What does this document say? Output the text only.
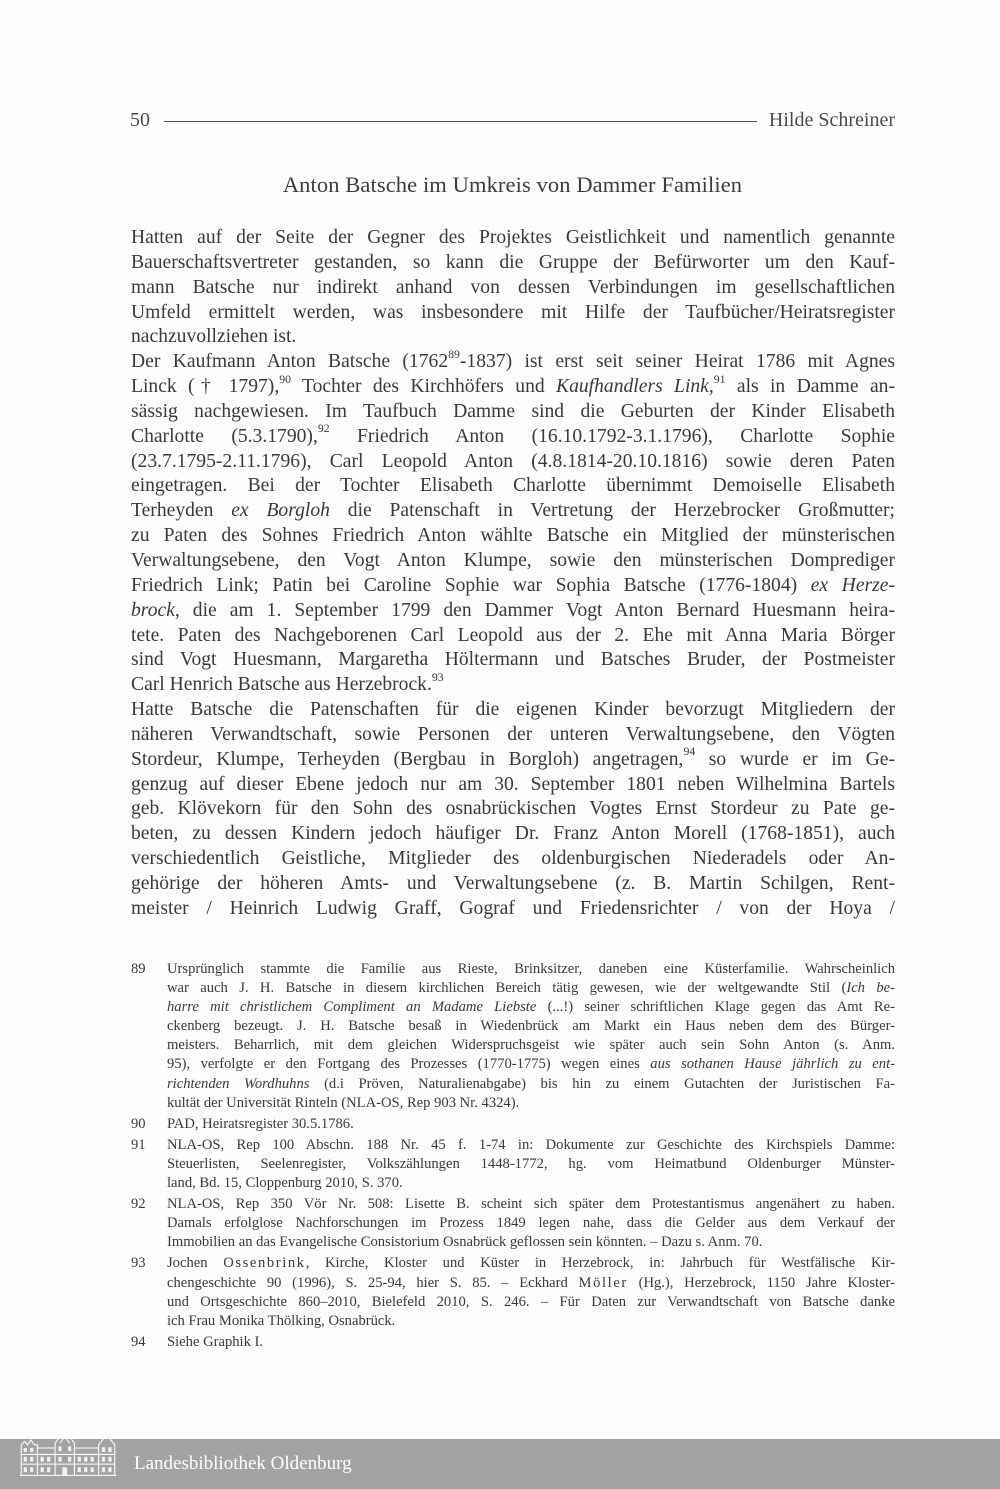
50	Hilde Schreiner
Anton Batsche im Umkreis von Dammer Familien
Hatten auf der Seite der Gegner des Projektes Geistlichkeit und namentlich genannte
Bauerschaftsvertreter gestanden, so kann die Gruppe der Befürworter um den Kauf-
mann Batsche nur indirekt anhand von dessen Verbindungen im gesellschaftlichen
Umfeld ermittelt werden, was insbesondere mit Hilfe der Taufbücher/Heiratsregister
nachzuvollziehen ist.
Der Kaufmann Anton Batsche (1762$^{89}$-1837) ist erst seit seiner Heirat 1786 mit Agnes
Linck († 1797),$^{90}$ Tochter des Kirchhöfers und Kaufhandlers Link,$^{91}$ als in Damme an-
sässig nachgewiesen. Im Taufbuch Damme sind die Geburten der Kinder Elisabeth
Charlotte (5.3.1790),$^{92}$ Friedrich Anton (16.10.1792-3.1.1796), Charlotte Sophie
(23.7.1795-2.11.1796), Carl Leopold Anton (4.8.1814-20.10.1816) sowie deren Paten
eingetragen. Bei der Tochter Elisabeth Charlotte übernimmt Demoiselle Elisabeth
Terheyden ex Borgloh die Patenschaft in Vertretung der Herzebrocker Großmutter;
zu Paten des Sohnes Friedrich Anton wählte Batsche ein Mitglied der münsterischen
Verwaltungsebene, den Vogt Anton Klumpe, sowie den münsterischen Domprediger
Friedrich Link; Patin bei Caroline Sophie war Sophia Batsche (1776-1804) ex Herze-
brock, die am 1. September 1799 den Dammer Vogt Anton Bernard Huesmann heira-
tete. Paten des Nachgeborenen Carl Leopold aus der 2. Ehe mit Anna Maria Börger
sind Vogt Huesmann, Margaretha Höltermann und Batsches Bruder, der Postmeister
Carl Henrich Batsche aus Herzebrock.$^{93}$
Hatte Batsche die Patenschaften für die eigenen Kinder bevorzugt Mitgliedern der
näheren Verwandtschaft, sowie Personen der unteren Verwaltungsebene, den Vögten
Stordeur, Klumpe, Terheyden (Bergbau in Borgloh) angetragen,$^{94}$ so wurde er im Ge-
genzug auf dieser Ebene jedoch nur am 30. September 1801 neben Wilhelmina Bartels
geb. Klövekorn für den Sohn des osnabrückischen Vogtes Ernst Stordeur zu Pate ge-
beten, zu dessen Kindern jedoch häufiger Dr. Franz Anton Morell (1768-1851), auch
verschiedentlich Geistliche, Mitglieder des oldenburgischen Niederadels oder An-
gehörige der höheren Amts- und Verwaltungsebene (z. B. Martin Schilgen, Rent-
meister / Heinrich Ludwig Graff, Gograf und Friedensrichter / von der Hoya /
89 Ursprünglich stammte die Familie aus Rieste, Brinksitzer, daneben eine Küsterfamilie. Wahrscheinlich
war auch J. H. Batsche in diesem kirchlichen Bereich tätig gewesen, wie der weltgewandte Stil (Ich be-
harre mit christlichem Compliment an Madame Liebste (...!) seiner schriftlichen Klage gegen das Amt Re-
ckenberg bezeugt. J. H. Batsche besaß in Wiedenbrück am Markt ein Haus neben dem des Bürger-
meisters. Beharrlich, mit dem gleichen Widerspruchsgeist wie später auch sein Sohn Anton (s. Anm.
95), verfolgte er den Fortgang des Prozesses (1770-1775) wegen eines aus sothanen Hause jährlich zu ent-
richtenden Wordhuhns (d.i Pröven, Naturalienabgabe) bis hin zu einem Gutachten der Juristischen Fa-
kultät der Universität Rinteln (NLA-OS, Rep 903 Nr. 4324).
90 PAD, Heiratsregister 30.5.1786.
91 NLA-OS, Rep 100 Abschn. 188 Nr. 45 f. 1-74 in: Dokumente zur Geschichte des Kirchspiels Damme:
Steuerlisten, Seelenregister, Volkszählungen 1448-1772, hg. vom Heimatbund Oldenburger Münster-
land, Bd. 15, Cloppenburg 2010, S. 370.
92 NLA-OS, Rep 350 Vör Nr. 508: Lisette B. scheint sich später dem Protestantismus angenähert zu haben.
Damals erfolglose Nachforschungen im Prozess 1849 legen nahe, dass die Gelder aus dem Verkauf der
Immobilien an das Evangelische Consistorium Osnabrück geflossen sein könnten. – Dazu s. Anm. 70.
93 Jochen Ossenbrink, Kirche, Kloster und Küster in Herzebrock, in: Jahrbuch für Westfälische Kir-
chengeschichte 90 (1996), S. 25-94, hier S. 85. – Eckhard Möller (Hg.), Herzebrock, 1150 Jahre Kloster-
und Ortsgeschichte 860–2010, Bielefeld 2010, S. 246. – Für Daten zur Verwandtschaft von Batsche danke
ich Frau Monika Thölking, Osnabrück.
94 Siehe Graphik I.
Landesbibliothek Oldenburg
